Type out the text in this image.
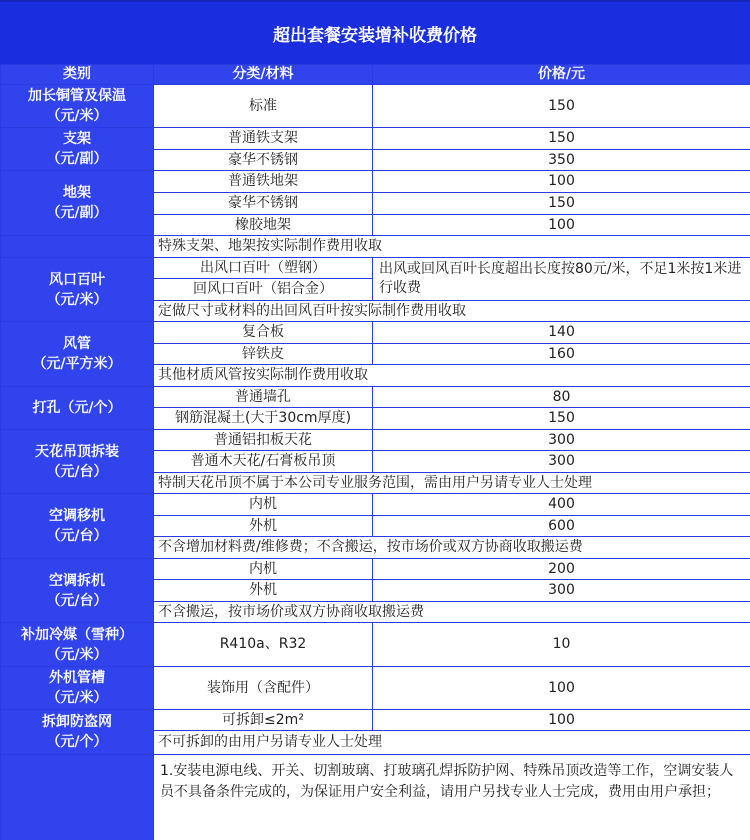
超出套餐安装增补收费价格
类别	分类/材料	价格/元

加长铜管及保温
（元/米）	标准	150

支架
（元/副）	普通铁支架	150
	豪华不锈钢	350

地架
（元/副）	普通铁地架	100
	豪华不锈钢	150
	橡胶地架	100
	特殊支架、地架按实际制作费用收取	

风口百叶
（元/米）	出风口百叶（塑钢）	出风或回风百叶长度超出长度按80元/米，不足1米按1米进行收费
	回风口百叶（铝合金）	
	定做尺寸或材料的出回风百叶按实际制作费用收取	

风管
（元/平方米）	复合板	140
	锌铁皮	160
	其他材质风管按实际制作费用收取	

打孔（元/个）	普通墙孔	80
	钢筋混凝土(大于30cm厚度)	150

天花吊顶拆装
（元/台）	普通铝扣板天花	300
	普通木天花/石膏板吊顶	300
	特制天花吊顶不属于本公司专业服务范围，需由用户另请专业人士处理	

空调移机
（元/台）	内机	400
	外机	600
	不含增加材料费/维修费；不含搬运，按市场价或双方协商收取搬运费	

空调拆机
（元/台）	内机	200
	外机	300
	不含搬运，按市场价或双方协商收取搬运费	

补加冷媒（雪种）
（元/米）	R410a、R32	10

外机管槽
（元/米）	装饰用（含配件）	100

拆卸防盗网
（元/个）	可拆卸≤2m²	100
	不可拆卸的由用户另请专业人士处理	
	1.安装电源电线、开关、切割玻璃、打玻璃孔焊拆防护网、特殊吊顶改造等工作，空调安装人员不具备条件完成的，为保证用户安全利益，请用户另找专业人士完成，费用由用户承担；	
